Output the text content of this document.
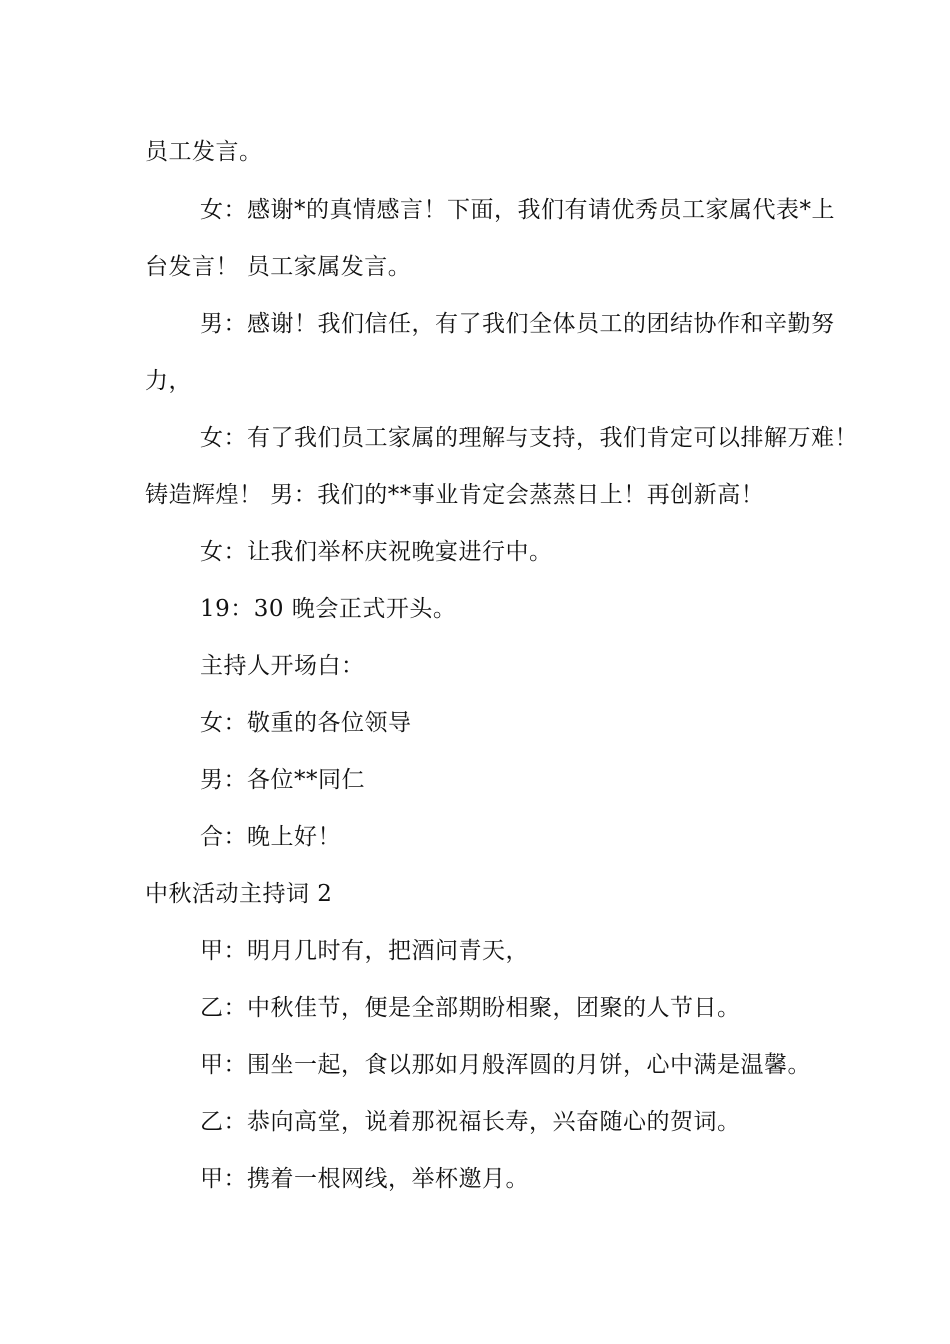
员工发言。
女：感谢*的真情感言！下面，我们有请优秀员工家属代表*上
台发言！ 员工家属发言。
男：感谢！我们信任，有了我们全体员工的团结协作和辛勤努
力，
女：有了我们员工家属的理解与支持，我们肯定可以排解万难！
铸造辉煌！ 男：我们的**事业肯定会蒸蒸日上！再创新高！
女：让我们举杯庆祝晚宴进行中。
19：30 晚会正式开头。
主持人开场白：
女：敬重的各位领导
男：各位**同仁
合：晚上好！
中秋活动主持词 2
甲：明月几时有，把酒问青天，
乙：中秋佳节，便是全部期盼相聚，团聚的人节日。
甲：围坐一起，食以那如月般浑圆的月饼，心中满是温馨。
乙：恭向高堂，说着那祝福长寿，兴奋随心的贺词。
甲：携着一根网线，举杯邀月。
